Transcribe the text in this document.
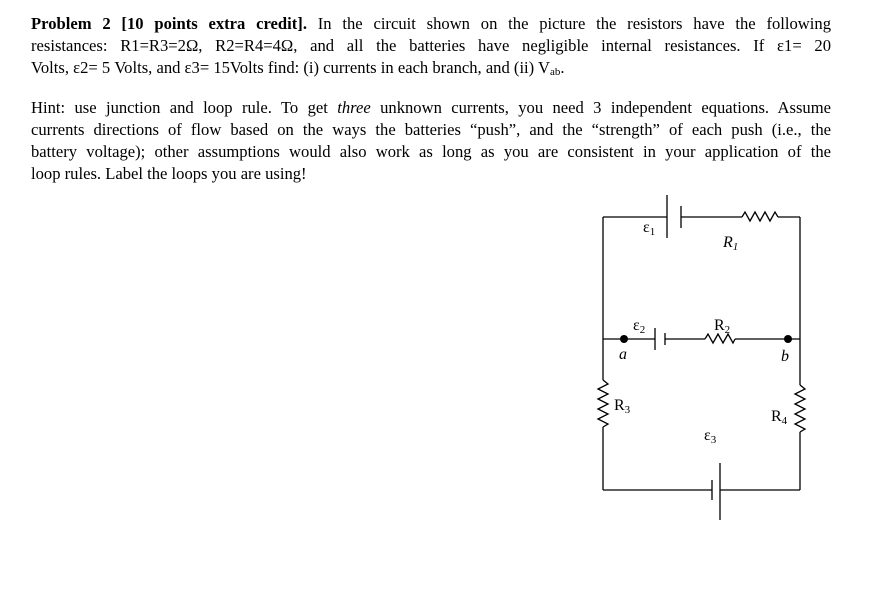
Problem 2 [10 points extra credit]. In the circuit shown on the picture the resistors have the following
resistances: R1=R3=2Ω, R2=R4=4Ω, and all the batteries have negligible internal resistances. If ε1= 20
Volts, ε2= 5 Volts, and ε3= 15Volts find: (i) currents in each branch, and (ii) $V_{ab}$.
Hint: use junction and loop rule. To get three unknown currents, you need 3 independent equations. Assume
currents directions of flow based on the ways the batteries “push”, and the “strength” of each push (i.e., the
battery voltage); other assumptions would also work as long as you are consistent in your application of the
loop rules. Label the loops you are using!
ε1
R1
ε2	R2
a	b
R3	R4
ε3
